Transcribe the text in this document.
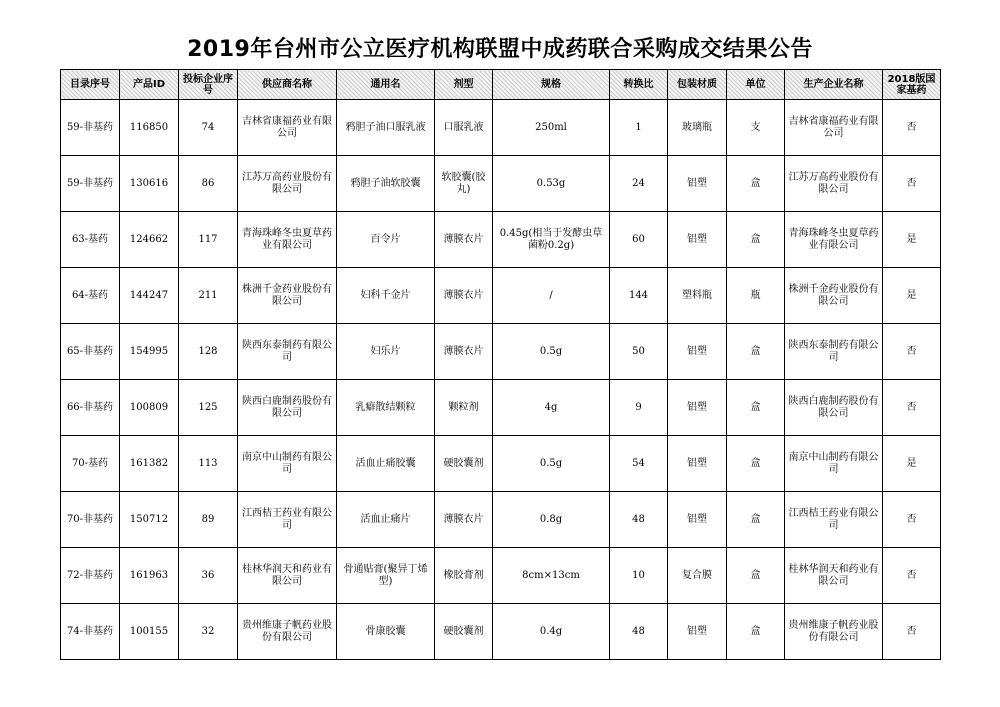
2019年台州市公立医疗机构联盟中成药联合采购成交结果公告
目录序号	产品ID	投标企业序号	供应商名称	通用名	剂型	规格	转换比	包装材质	单位	生产企业名称	2018版国家基药
59-非基药	116850	74	吉林省康福药业有限公司	鸦胆子油口服乳液	口服乳液	250ml	1	玻璃瓶	支	吉林省康福药业有限公司	否
59-非基药	130616	86	江苏万高药业股份有限公司	鸦胆子油软胶囊	软胶囊(胶丸)	0.53g	24	铝塑	盒	江苏万高药业股份有限公司	否
63-基药	124662	117	青海珠峰冬虫夏草药业有限公司	百令片	薄膜衣片	0.45g(相当于发酵虫草菌粉0.2g)	60	铝塑	盒	青海珠峰冬虫夏草药业有限公司	是
64-基药	144247	211	株洲千金药业股份有限公司	妇科千金片	薄膜衣片	/	144	塑料瓶	瓶	株洲千金药业股份有限公司	是
65-非基药	154995	128	陕西东泰制药有限公司	妇乐片	薄膜衣片	0.5g	50	铝塑	盒	陕西东泰制药有限公司	否
66-非基药	100809	125	陕西白鹿制药股份有限公司	乳癖散结颗粒	颗粒剂	4g	9	铝塑	盒	陕西白鹿制药股份有限公司	否
70-基药	161382	113	南京中山制药有限公司	活血止痛胶囊	硬胶囊剂	0.5g	54	铝塑	盒	南京中山制药有限公司	是
70-非基药	150712	89	江西桔王药业有限公司	活血止痛片	薄膜衣片	0.8g	48	铝塑	盒	江西桔王药业有限公司	否
72-非基药	161963	36	桂林华润天和药业有限公司	骨通贴膏(聚异丁烯型)	橡胶膏剂	8cm×13cm	10	复合膜	盒	桂林华润天和药业有限公司	否
74-非基药	100155	32	贵州维康子帆药业股份有限公司	骨康胶囊	硬胶囊剂	0.4g	48	铝塑	盒	贵州维康子帆药业股份有限公司	否
